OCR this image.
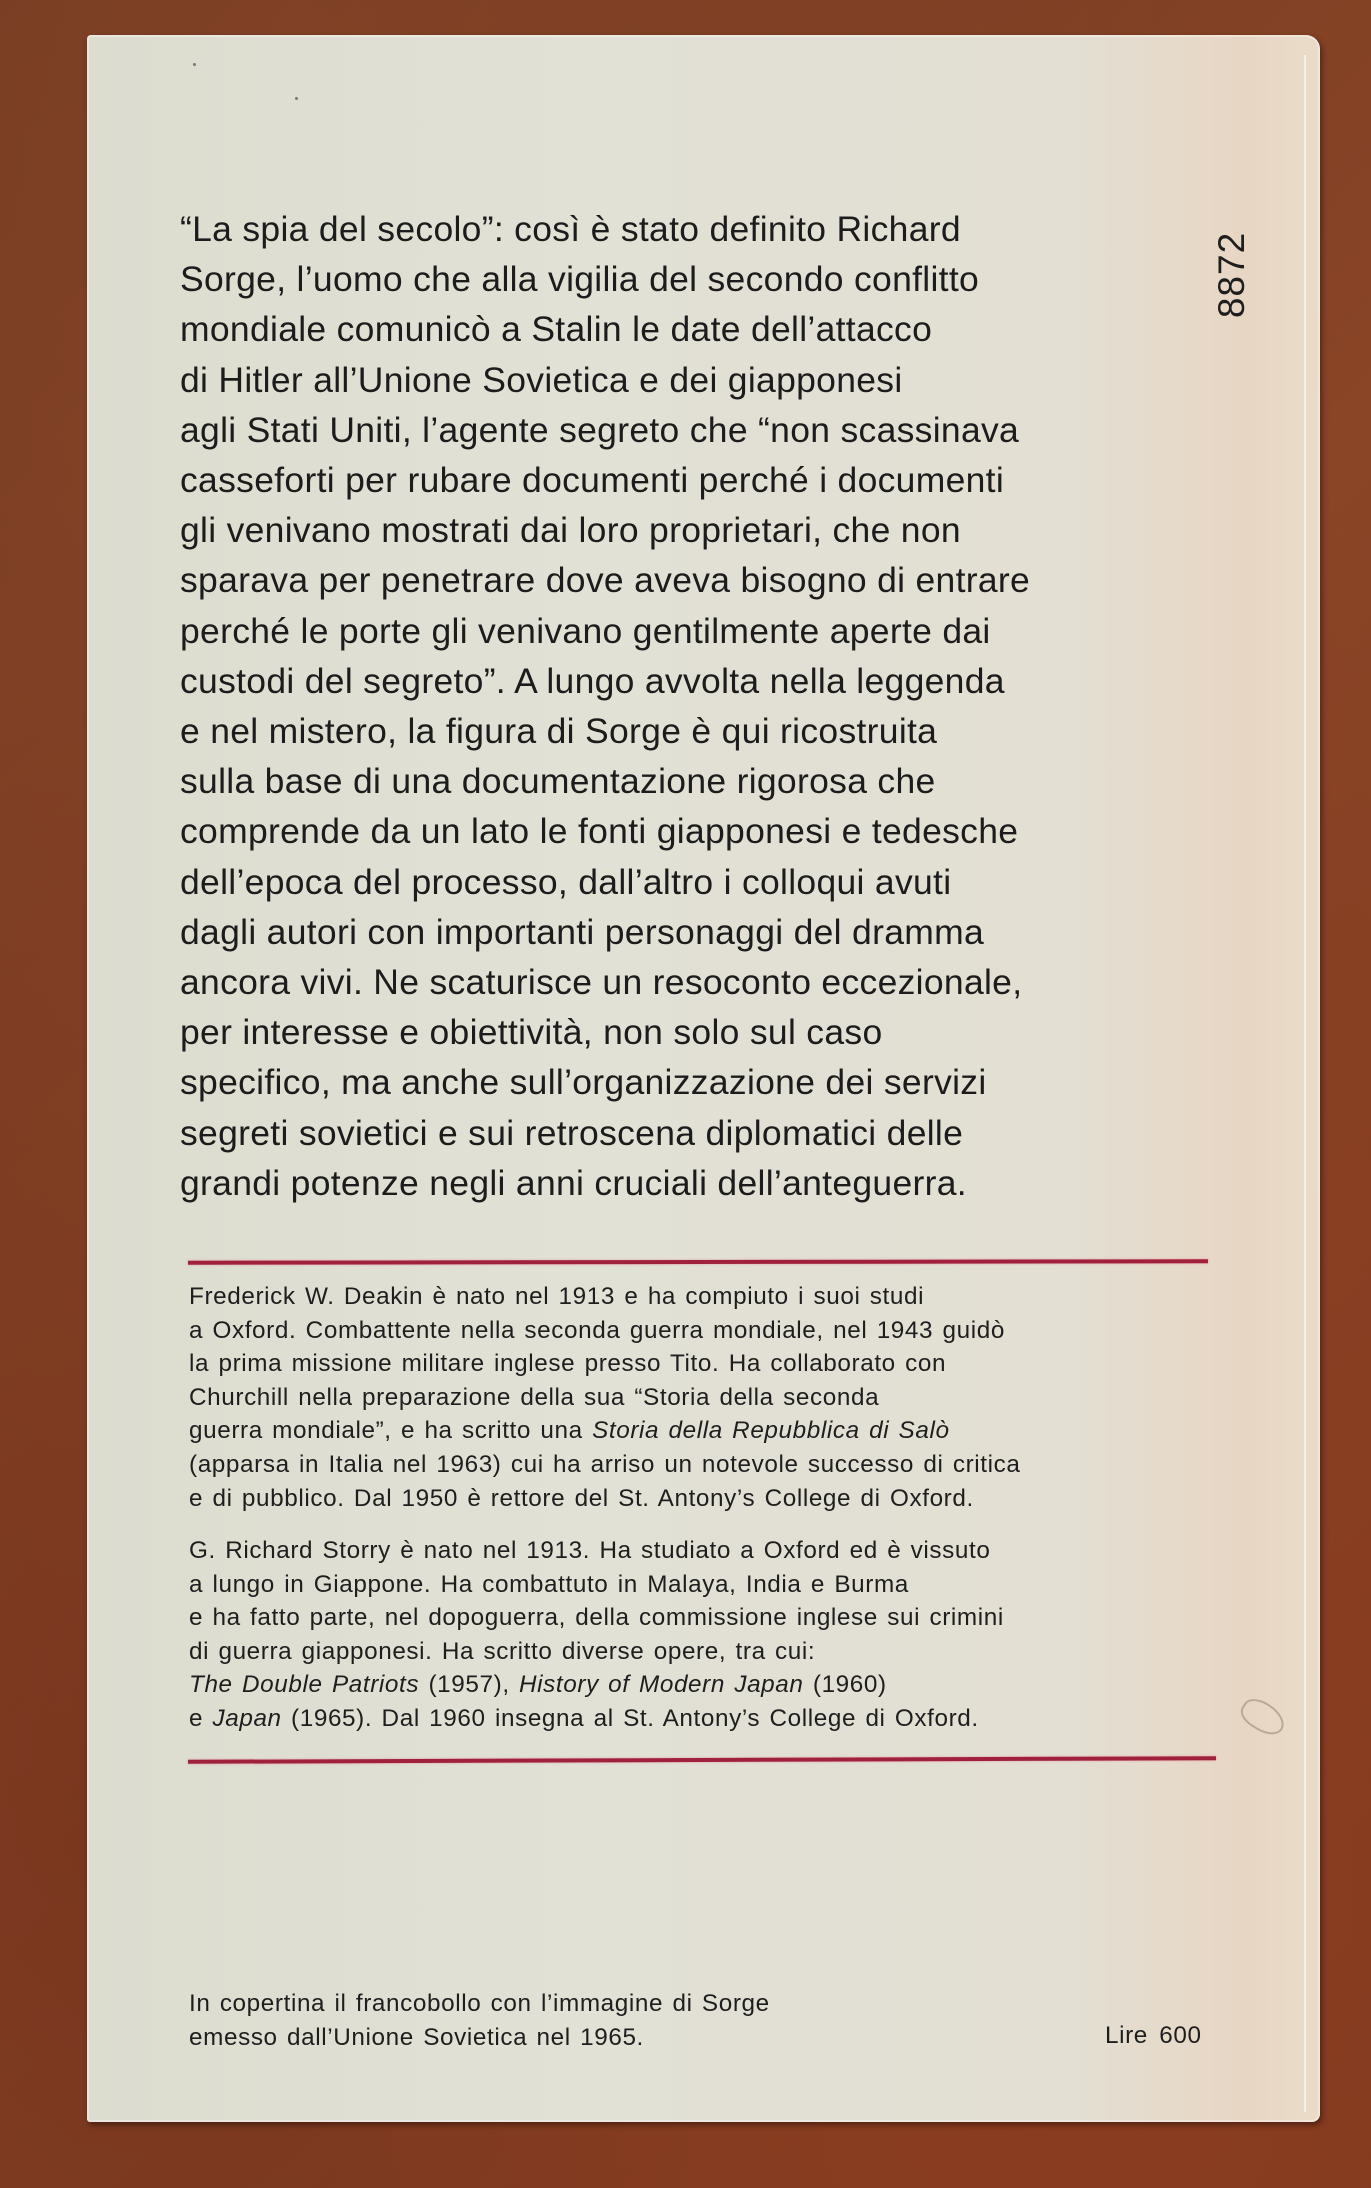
8872
“La spia del secolo”: così è stato definito Richard
Sorge, l’uomo che alla vigilia del secondo conflitto
mondiale comunicò a Stalin le date dell’attacco
di Hitler all’Unione Sovietica e dei giapponesi
agli Stati Uniti, l’agente segreto che “non scassinava
casseforti per rubare documenti perché i documenti
gli venivano mostrati dai loro proprietari, che non
sparava per penetrare dove aveva bisogno di entrare
perché le porte gli venivano gentilmente aperte dai
custodi del segreto”. A lungo avvolta nella leggenda
e nel mistero, la figura di Sorge è qui ricostruita
sulla base di una documentazione rigorosa che
comprende da un lato le fonti giapponesi e tedesche
dell’epoca del processo, dall’altro i colloqui avuti
dagli autori con importanti personaggi del dramma
ancora vivi. Ne scaturisce un resoconto eccezionale,
per interesse e obiettività, non solo sul caso
specifico, ma anche sull’organizzazione dei servizi
segreti sovietici e sui retroscena diplomatici delle
grandi potenze negli anni cruciali dell’anteguerra.
Frederick W. Deakin è nato nel 1913 e ha compiuto i suoi studi
a Oxford. Combattente nella seconda guerra mondiale, nel 1943 guidò
la prima missione militare inglese presso Tito. Ha collaborato con
Churchill nella preparazione della sua “Storia della seconda
guerra mondiale”, e ha scritto una Storia della Repubblica di Salò
(apparsa in Italia nel 1963) cui ha arriso un notevole successo di critica
e di pubblico. Dal 1950 è rettore del St. Antony’s College di Oxford.
G. Richard Storry è nato nel 1913. Ha studiato a Oxford ed è vissuto
a lungo in Giappone. Ha combattuto in Malaya, India e Burma
e ha fatto parte, nel dopoguerra, della commissione inglese sui crimini
di guerra giapponesi. Ha scritto diverse opere, tra cui:
The Double Patriots (1957), History of Modern Japan (1960)
e Japan (1965). Dal 1960 insegna al St. Antony’s College di Oxford.
In copertina il francobollo con l’immagine di Sorge
emesso dall’Unione Sovietica nel 1965.	Lire 600
